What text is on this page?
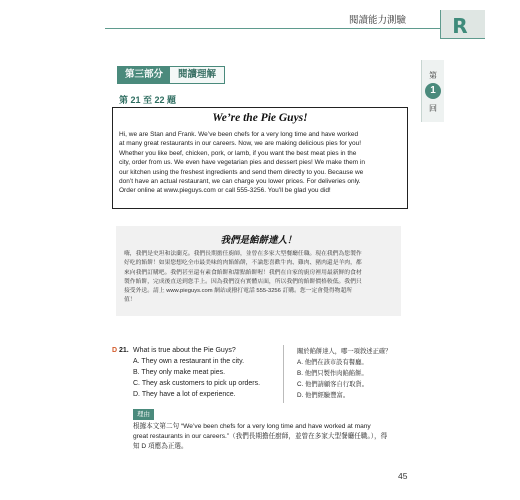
閱讀能力測驗	R
第
1
回
第三部分	閱讀理解
第 21 至 22 題
We’re the Pie Guys!
Hi, we are Stan and Frank. We’ve been chefs for a very long time and have worked
at many great restaurants in our careers. Now, we are making delicious pies for you!
Whether you like beef, chicken, pork, or lamb, if you want the best meat pies in the
city, order from us. We even have vegetarian pies and dessert pies! We make them in
our kitchen using the freshest ingredients and send them directly to you. Because we
don’t have an actual restaurant, we can charge you lower prices. For deliveries only.
Order online at www.pieguys.com or call 555-3256. You’ll be glad you did!
我們是餡餅達人！
嗨，我們是史坦和法蘭克。我們長期擔任廚師，並曾在多家大型餐廳任職。現在我們為您製作
好吃的餡餅！如果您想吃全市最美味的肉餡餡餅，不論您喜歡牛肉、雞肉、豬肉還是羊肉，都
來向我們訂購吧。我們甚至還有素食餡餅和甜點餡餅喔！我們在自家的廚房裡用最新鮮的食材
製作餡餅，完成後直送到您手上。因為我們沒有實體店面，所以我們的餡餅價格較低。我們只
接受外送。請上 www.pieguys.com 網站或撥打電話 555-3256 訂購。您一定會覺得物超所
值！
D 21. What is true about the Pie Guys?
A. They own a restaurant in the city.
B. They only make meat pies.
C. They ask customers to pick up orders.
D. They have a lot of experience.
關於餡餅達人，哪一項敘述正確？
A. 他們在該市設有餐廳。
B. 他們只製作肉餡餡餅。
C. 他們請顧客自行取貨。
D. 他們經驗豐富。
理由
根據本文第二句 “We’ve been chefs for a very long time and have worked at many
great restaurants in our careers.”（我們長期擔任廚師，並曾在多家大型餐廳任職。），得
知 D 項應為正選。
45
